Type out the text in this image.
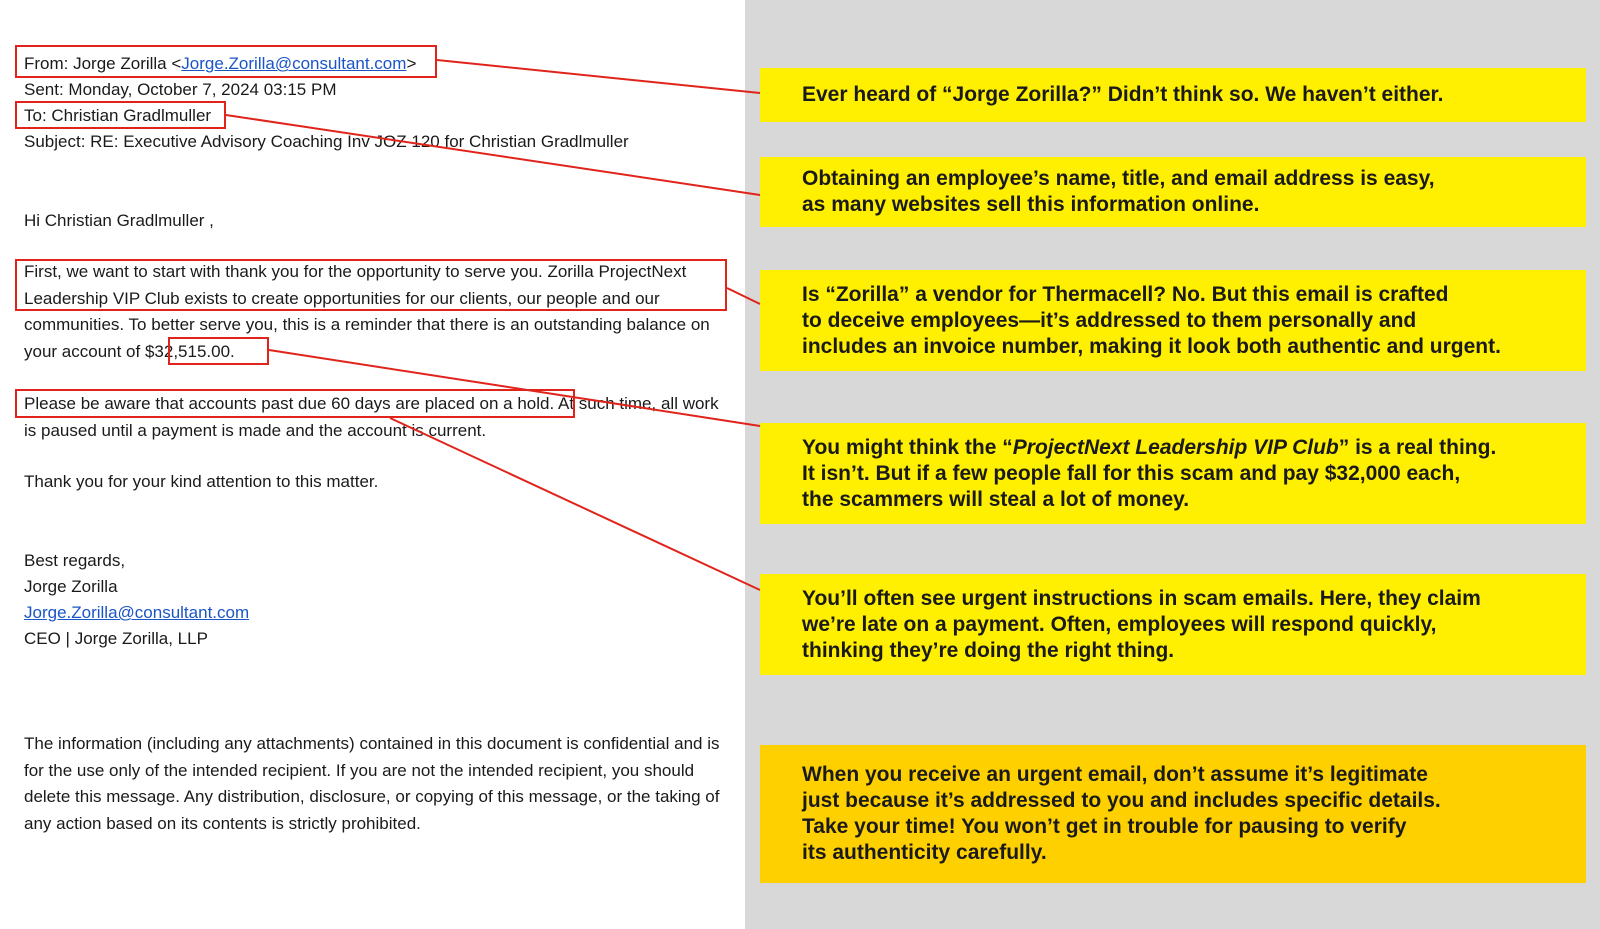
From: Jorge Zorilla <Jorge.Zorilla@consultant.com>
Sent: Monday, October 7, 2024 03:15 PM
To: Christian Gradlmuller
Subject: RE: Executive Advisory Coaching Inv JOZ 120 for Christian Gradlmuller
Hi Christian Gradlmuller ,
First, we want to start with thank you for the opportunity to serve you. Zorilla ProjectNext Leadership VIP Club exists to create opportunities for our clients, our people and our communities. To better serve you, this is a reminder that there is an outstanding balance on your account of $32,515.00.
Please be aware that accounts past due 60 days are placed on a hold. At such time, all work is paused until a payment is made and the account is current.
Thank you for your kind attention to this matter.
Best regards,
Jorge Zorilla
Jorge.Zorilla@consultant.com
CEO | Jorge Zorilla, LLP
The information (including any attachments) contained in this document is confidential and is for the use only of the intended recipient. If you are not the intended recipient, you should delete this message. Any distribution, disclosure, or copying of this message, or the taking of any action based on its contents is strictly prohibited.
Ever heard of “Jorge Zorilla?” Didn’t think so. We haven’t either.
Obtaining an employee’s name, title, and email address is easy,
as many websites sell this information online.
Is “Zorilla” a vendor for Thermacell? No. But this email is crafted
to deceive employees—it’s addressed to them personally and
includes an invoice number, making it look both authentic and urgent.
You might think the “ProjectNext Leadership VIP Club” is a real thing.
It isn’t. But if a few people fall for this scam and pay $32,000 each,
the scammers will steal a lot of money.
You’ll often see urgent instructions in scam emails. Here, they claim
we’re late on a payment. Often, employees will respond quickly,
thinking they’re doing the right thing.
When you receive an urgent email, don’t assume it’s legitimate
just because it’s addressed to you and includes specific details.
Take your time! You won’t get in trouble for pausing to verify
its authenticity carefully.
